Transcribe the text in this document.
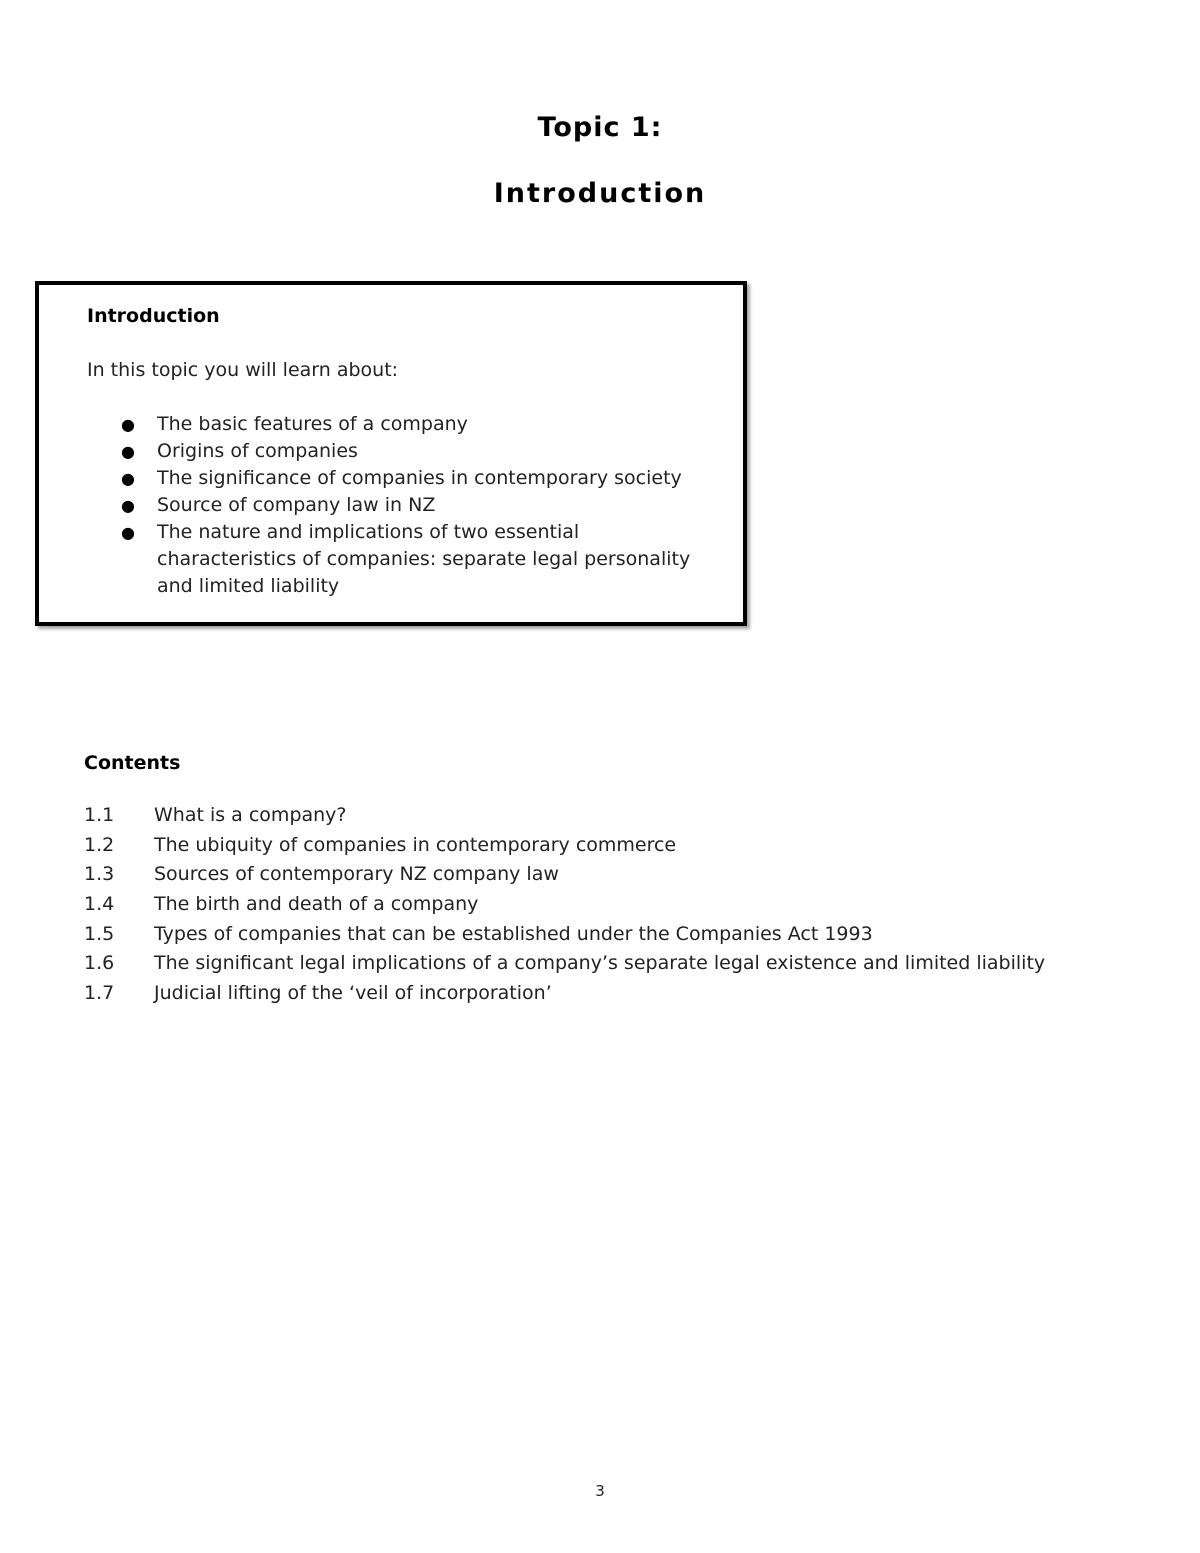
Topic 1:
Introduction
Introduction
In this topic you will learn about:
● The basic features of a company
● Origins of companies
● The significance of companies in contemporary society
● Source of company law in NZ
● The nature and implications of two essential characteristics of companies: separate legal personality and limited liability
Contents
1.1 What is a company?
1.2 The ubiquity of companies in contemporary commerce
1.3 Sources of contemporary NZ company law
1.4 The birth and death of a company
1.5 Types of companies that can be established under the Companies Act 1993
1.6 The significant legal implications of a company’s separate legal existence and limited liability
1.7 Judicial lifting of the ‘veil of incorporation’
3
